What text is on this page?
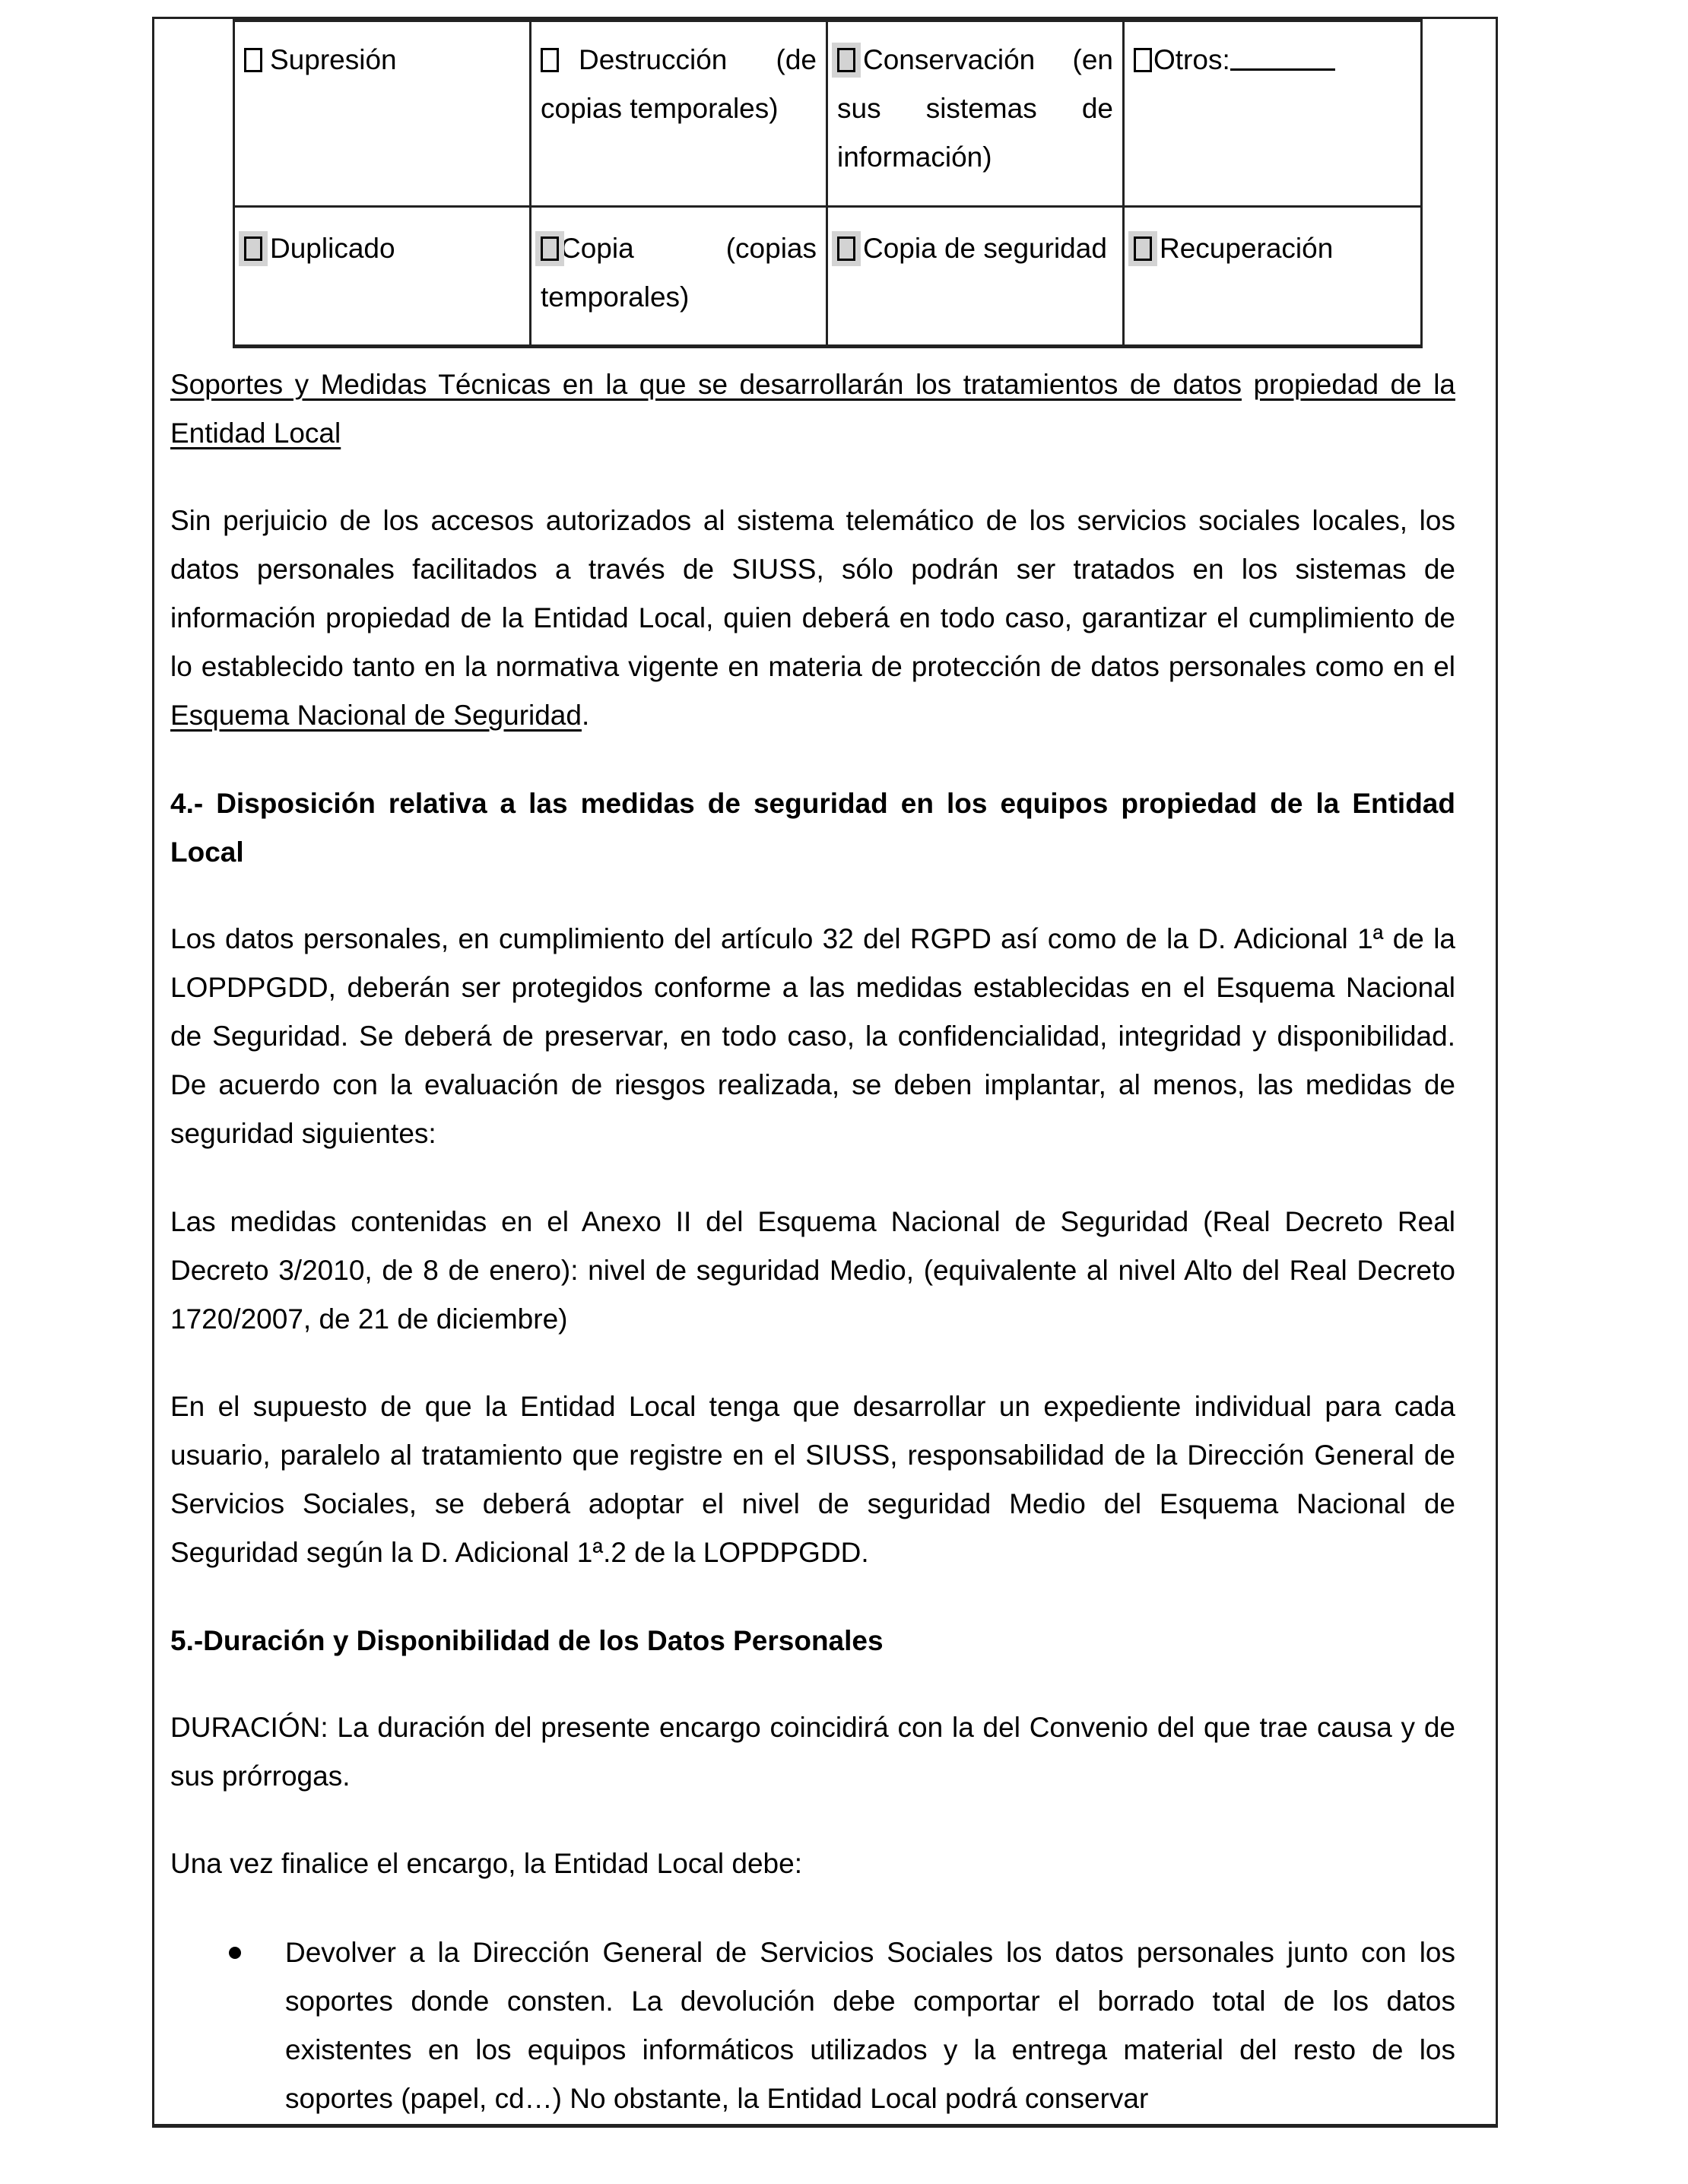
Supresión	Destrucción (de copias temporales)	Conservación (en sus sistemas de información)	Otros:
Duplicado	Copia (copias temporales)	Copia de seguridad	Recuperación

Soportes y Medidas Técnicas en la que se desarrollarán los tratamientos de datos propiedad de la Entidad Local

Sin perjuicio de los accesos autorizados al sistema telemático de los servicios sociales locales, los datos personales facilitados a través de SIUSS, sólo podrán ser tratados en los sistemas de información propiedad de la Entidad Local, quien deberá en todo caso, garantizar el cumplimiento de lo establecido tanto en la normativa vigente en materia de protección de datos personales como en el Esquema Nacional de Seguridad.

4.- Disposición relativa a las medidas de seguridad en los equipos propiedad de la Entidad Local

Los datos personales, en cumplimiento del artículo 32 del RGPD así como de la D. Adicional 1ª de la LOPDPGDD, deberán ser protegidos conforme a las medidas establecidas en el Esquema Nacional de Seguridad. Se deberá de preservar, en todo caso, la confidencialidad, integridad y disponibilidad. De acuerdo con la evaluación de riesgos realizada, se deben implantar, al menos, las medidas de seguridad siguientes:

Las medidas contenidas en el Anexo II del Esquema Nacional de Seguridad (Real Decreto Real Decreto 3/2010, de 8 de enero): nivel de seguridad Medio, (equivalente al nivel Alto del Real Decreto 1720/2007, de 21 de diciembre)

En el supuesto de que la Entidad Local tenga que desarrollar un expediente individual para cada usuario, paralelo al tratamiento que registre en el SIUSS, responsabilidad de la Dirección General de Servicios Sociales, se deberá adoptar el nivel de seguridad Medio del Esquema Nacional de Seguridad según la D. Adicional 1ª.2 de la LOPDPGDD.

5.-Duración y Disponibilidad de los Datos Personales

DURACIÓN: La duración del presente encargo coincidirá con la del Convenio del que trae causa y de sus prórrogas.

Una vez finalice el encargo, la Entidad Local debe:

Devolver a la Dirección General de Servicios Sociales los datos personales junto con los soportes donde consten. La devolución debe comportar el borrado total de los datos existentes en los equipos informáticos utilizados y la entrega material del resto de los soportes (papel, cd…) No obstante, la Entidad Local podrá conservar
